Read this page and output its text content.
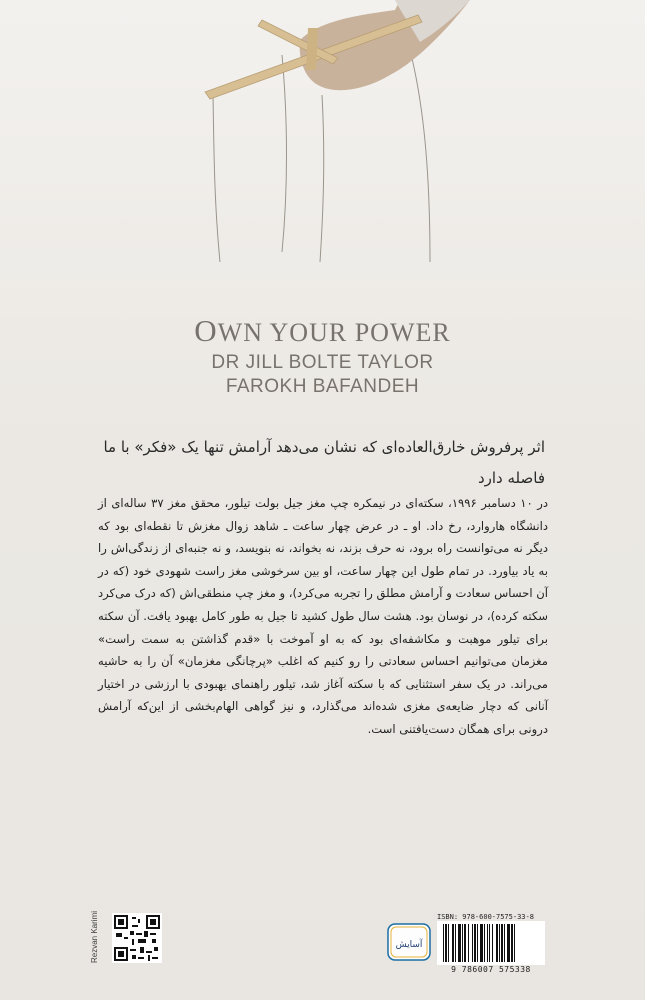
OWN YOUR POWER
DR JILL BOLTE TAYLOR
FAROKH BAFANDEH
اثر پرفروش خارق‌العاده‌ای که نشان می‌دهد آرامش تنها یک «فکر» با ما فاصله دارد
در ۱۰ دسامبر ۱۹۹۶، سکته‌ای در نیمکره چپ مغز جیل بولت تیلور، محقق مغز ۳۷ ساله‌ای از دانشگاه هاروارد، رخ داد. او ـ در عرض چهار ساعت ـ شاهد زوال مغزش تا نقطه‌ای بود که دیگر نه می‌توانست راه برود، نه حرف بزند، نه بخواند، نه بنویسد، و نه جنبه‌ای از زندگی‌اش را به یاد بیاورد. در تمام طول این چهار ساعت، او بین سرخوشی مغز راست شهودی خود (که در آن احساس سعادت و آرامش مطلق را تجربه می‌کرد)، و مغز چپ منطقی‌اش (که درک می‌کرد سکته کرده)، در نوسان بود. هشت سال طول کشید تا جیل به طور کامل بهبود یافت. آن سکته برای تیلور موهبت و مکاشفه‌ای بود که به او آموخت با «قدم گذاشتن به سمت راست» مغزمان می‌توانیم احساس سعادتی را رو کنیم که اغلب «پرچانگی مغزمان» آن را به حاشیه می‌راند. در یک سفر استثنایی که با سکته آغاز شد، تیلور راهنمای بهبودی با ارزشی در اختیار آنانی که دچار ضایعه‌ی مغزی شده‌اند می‌گذارد، و نیز گواهی الهام‌بخشی از این‌که آرامش درونی برای همگان دست‌یافتنی است.
Rezvan Karimi	آسایش
ISBN: 978-600-7575-33-8
9 786007 575338
